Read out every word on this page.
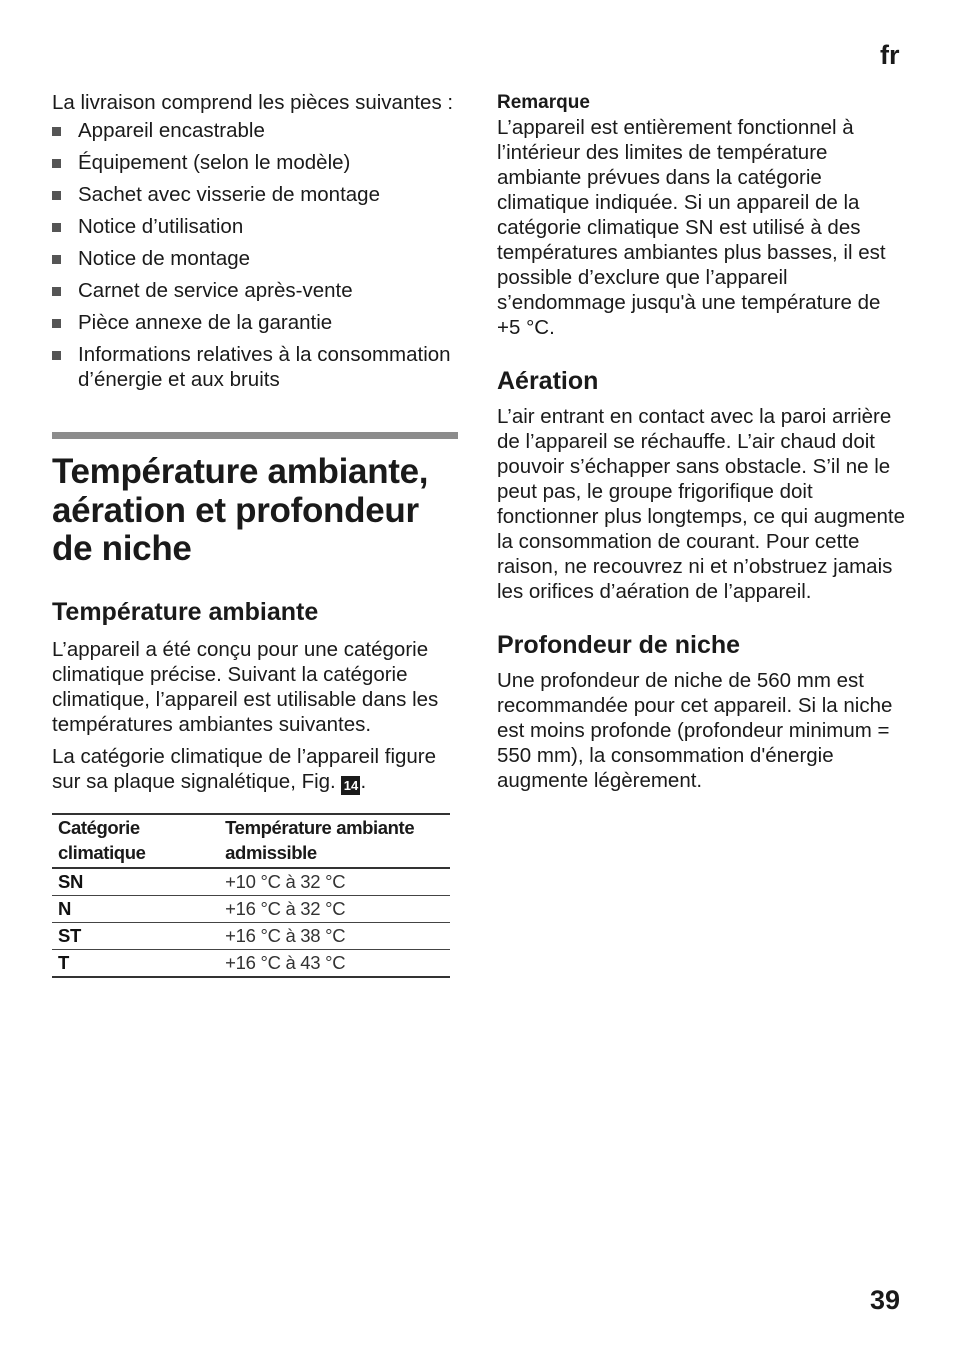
fr

La livraison comprend les pièces suivantes :

Appareil encastrable
Équipement (selon le modèle)
Sachet avec visserie de montage
Notice d’utilisation
Notice de montage
Carnet de service après-vente
Pièce annexe de la garantie
Informations relatives à la consommation d’énergie et aux bruits
Température ambiante, aération et profondeur de niche
Température ambiante

L’appareil a été conçu pour une catégorie climatique précise. Suivant la catégorie climatique, l’appareil est utilisable dans les températures ambiantes suivantes.

La catégorie climatique de l’appareil figure sur sa plaque signalétique, Fig. 14 .

Catégorie climatique	Température ambiante admissible
SN	+10 °C à 32 °C
N	+16 °C à 32 °C
ST	+16 °C à 38 °C
T	+16 °C à 43 °C

Remarque

L’appareil est entièrement fonctionnel à l’intérieur des limites de température ambiante prévues dans la catégorie climatique indiquée. Si un appareil de la catégorie climatique SN est utilisé à des températures ambiantes plus basses, il est possible d’exclure que l’appareil s’endommage jusqu'à une température de +5 °C.

Aération

L’air entrant en contact avec la paroi arrière de l’appareil se réchauffe. L’air chaud doit pouvoir s’échapper sans obstacle. S’il ne le peut pas, le groupe frigorifique doit fonctionner plus longtemps, ce qui augmente la consommation de courant. Pour cette raison, ne recouvrez ni et n’obstruez jamais les orifices d’aération de l’appareil.

Profondeur de niche

Une profondeur de niche de 560 mm est recommandée pour cet appareil. Si la niche est moins profonde (profondeur minimum = 550 mm), la consommation d'énergie augmente légèrement.

39
